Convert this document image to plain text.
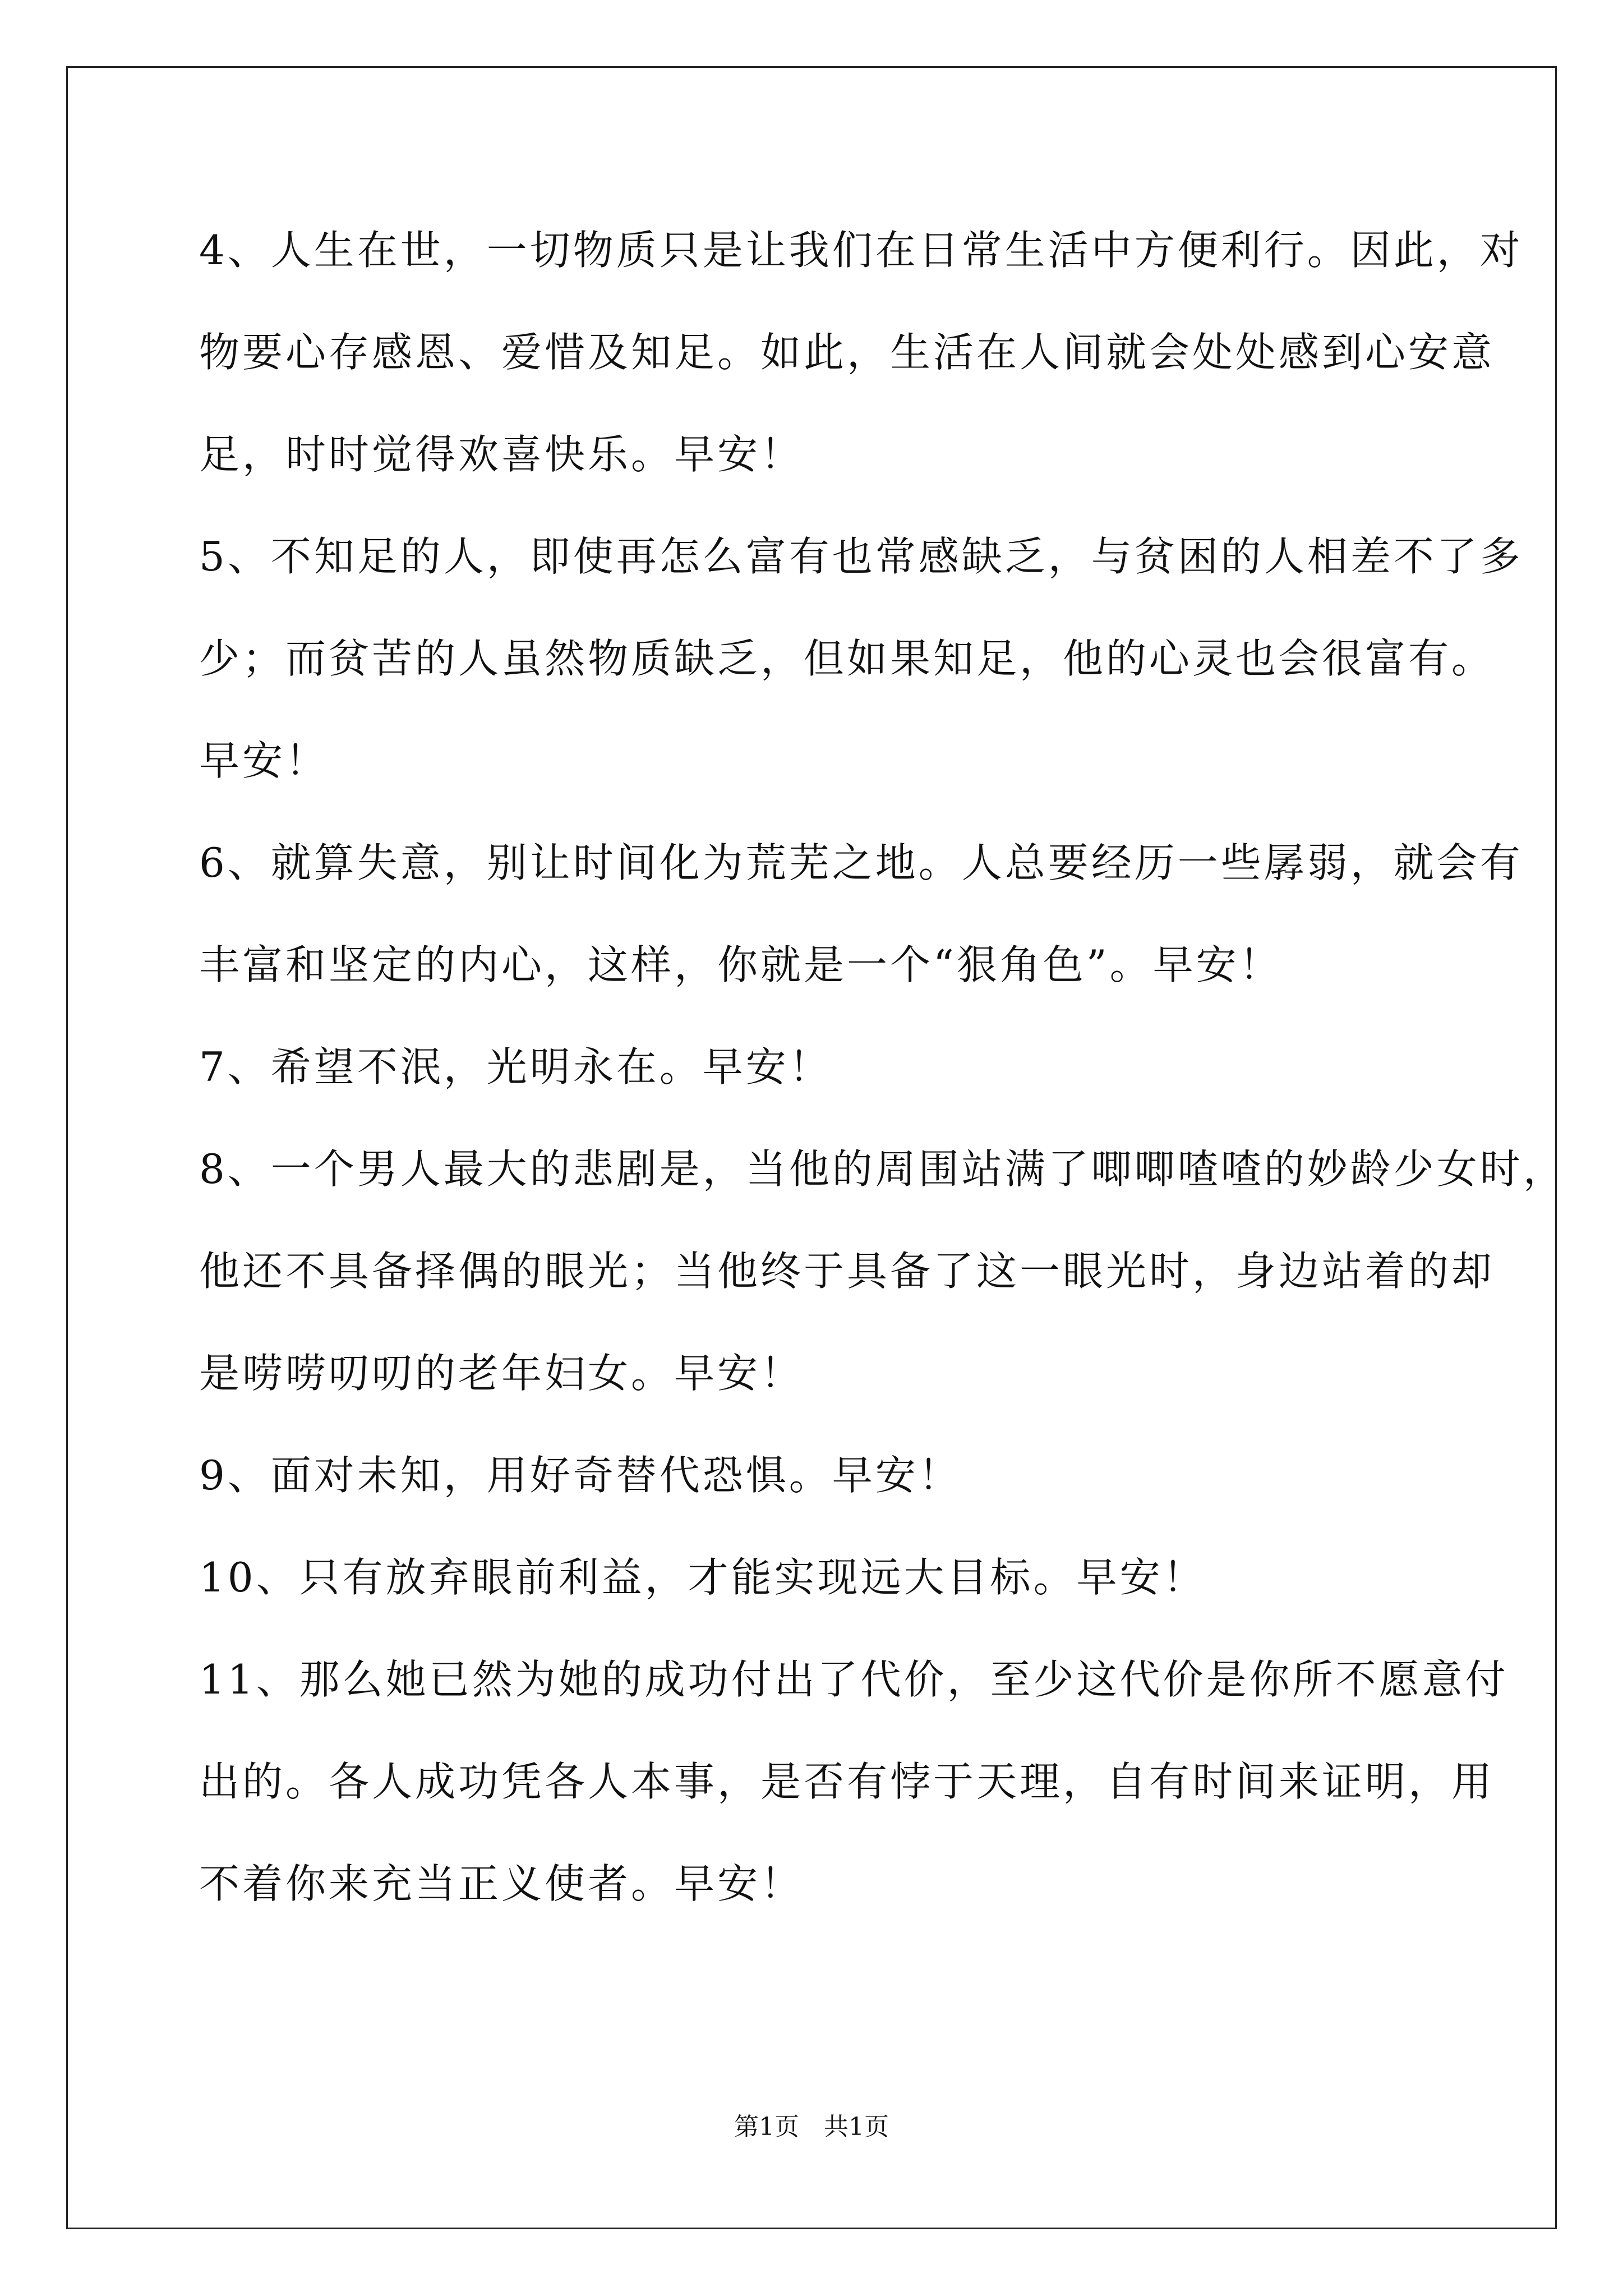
4、人生在世，一切物质只是让我们在日常生活中方便利行。因此，对
物要心存感恩、爱惜及知足。如此，生活在人间就会处处感到心安意
足，时时觉得欢喜快乐。早安！

5、不知足的人，即使再怎么富有也常感缺乏，与贫困的人相差不了多
少；而贫苦的人虽然物质缺乏，但如果知足，他的心灵也会很富有。
早安！

6、就算失意，别让时间化为荒芜之地。人总要经历一些孱弱，就会有
丰富和坚定的内心，这样，你就是一个“狠角色”。早安！

7、希望不泯，光明永在。早安！

8、一个男人最大的悲剧是，当他的周围站满了唧唧喳喳的妙龄少女时，
他还不具备择偶的眼光；当他终于具备了这一眼光时，身边站着的却
是唠唠叨叨的老年妇女。早安！

9、面对未知，用好奇替代恐惧。早安！

10、只有放弃眼前利益，才能实现远大目标。早安！

11、那么她已然为她的成功付出了代价，至少这代价是你所不愿意付
出的。各人成功凭各人本事，是否有悖于天理，自有时间来证明，用
不着你来充当正义使者。早安！

第1页　共1页
